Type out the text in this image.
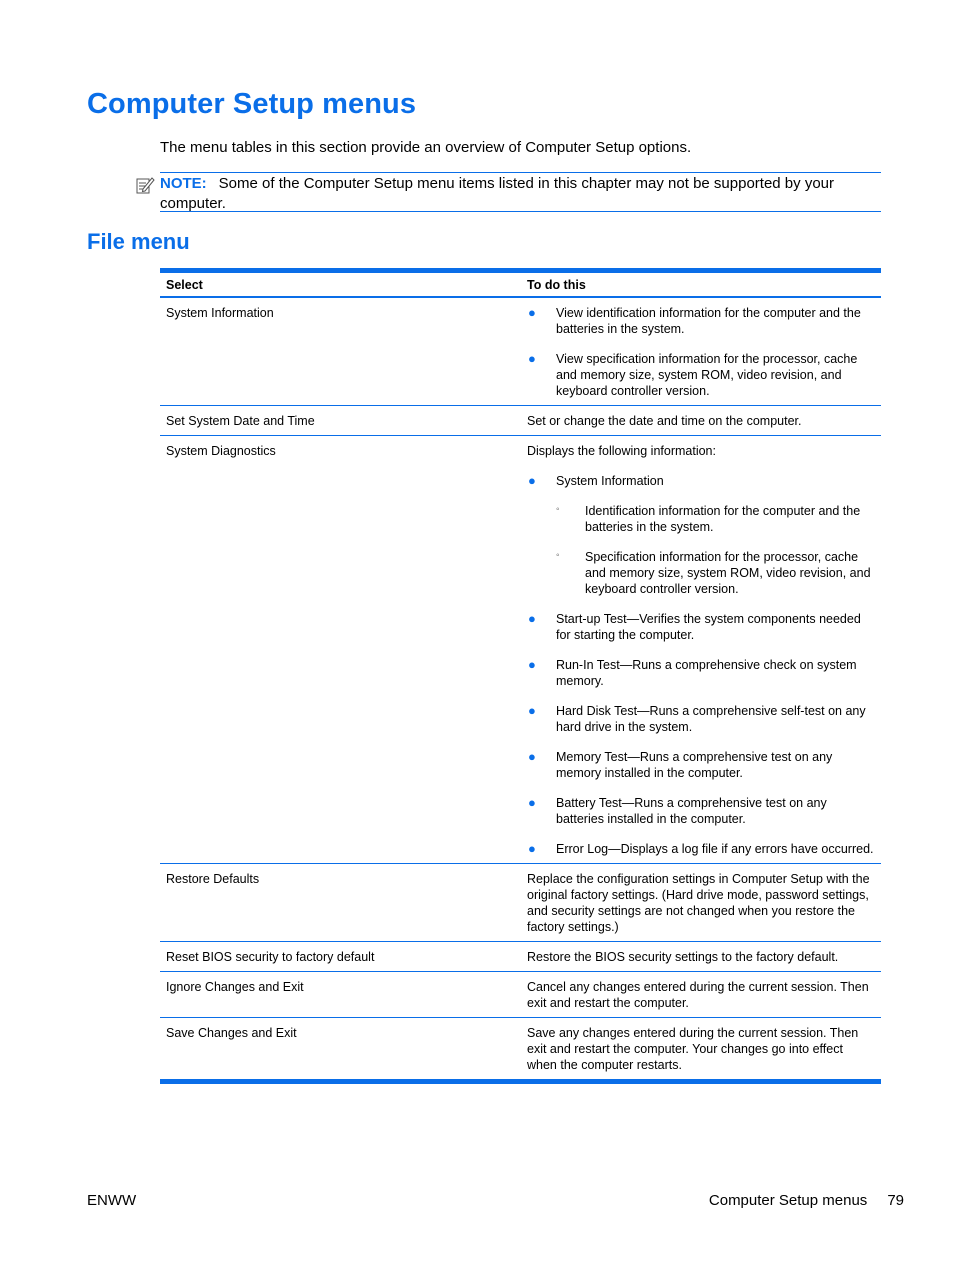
Computer Setup menus

The menu tables in this section provide an overview of Computer Setup options.

NOTE: Some of the Computer Setup menu items listed in this chapter may not be supported by your computer.
File menu
Select	To do this
System Information	● View identification information for the computer and the batteries in the system.
● View specification information for the processor, cache and memory size, system ROM, video revision, and keyboard controller version.
Set System Date and Time	Set or change the date and time on the computer.
System Diagnostics	Displays the following information:
● System Information
◦ Identification information for the computer and the batteries in the system.
◦ Specification information for the processor, cache and memory size, system ROM, video revision, and keyboard controller version.
● Start-up Test—Verifies the system components needed for starting the computer.
● Run-In Test—Runs a comprehensive check on system memory.
● Hard Disk Test—Runs a comprehensive self-test on any hard drive in the system.
● Memory Test—Runs a comprehensive test on any memory installed in the computer.
● Battery Test—Runs a comprehensive test on any batteries installed in the computer.
● Error Log—Displays a log file if any errors have occurred.
Restore Defaults	Replace the configuration settings in Computer Setup with the original factory settings. (Hard drive mode, password settings, and security settings are not changed when you restore the factory settings.)
Reset BIOS security to factory default	Restore the BIOS security settings to the factory default.
Ignore Changes and Exit	Cancel any changes entered during the current session. Then exit and restart the computer.
Save Changes and Exit	Save any changes entered during the current session. Then exit and restart the computer. Your changes go into effect when the computer restarts.
ENWW	Computer Setup menus 79
